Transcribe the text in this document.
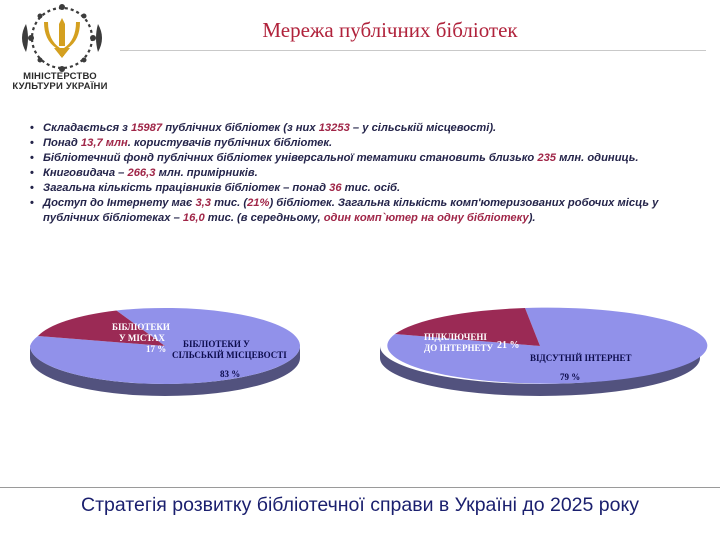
МІНІСТЕРСТВО
КУЛЬТУРИ УКРАЇНИ
Мережа публічних бібліотек
• Складається з 15987 публічних бібліотек (з них 13253 – у сільській місцевості).
• Понад 13,7 млн. користувачів публічних бібліотек.
• Бібліотечний фонд публічних бібліотек універсальної тематики становить близько 235 млн. одиниць.
• Книговидача – 266,3 млн. примірників.
• Загальна кількість працівників бібліотек – понад 36 тис. осіб.
• Доступ до Інтернету має 3,3 тис. (21%) бібліотек. Загальна кількість комп'ютеризованих робочих місць у публічних бібліотеках – 16,0 тис. (в середньому, один комп`ютер на одну бібліотеку).
БІБЛІОТЕКИ
У МІСТАХ
17 % БІБЛІОТЕКИ У
СІЛЬСЬКІЙ МІСЦЕВОСТІ
83 %
ПІДКЛЮЧЕНІ
ДО ІНТЕРНЕТУ 21 %
ВІДСУТНІЙ ІНТЕРНЕТ
79 %
Стратегія розвитку бібліотечної справи в Україні до 2025 року
